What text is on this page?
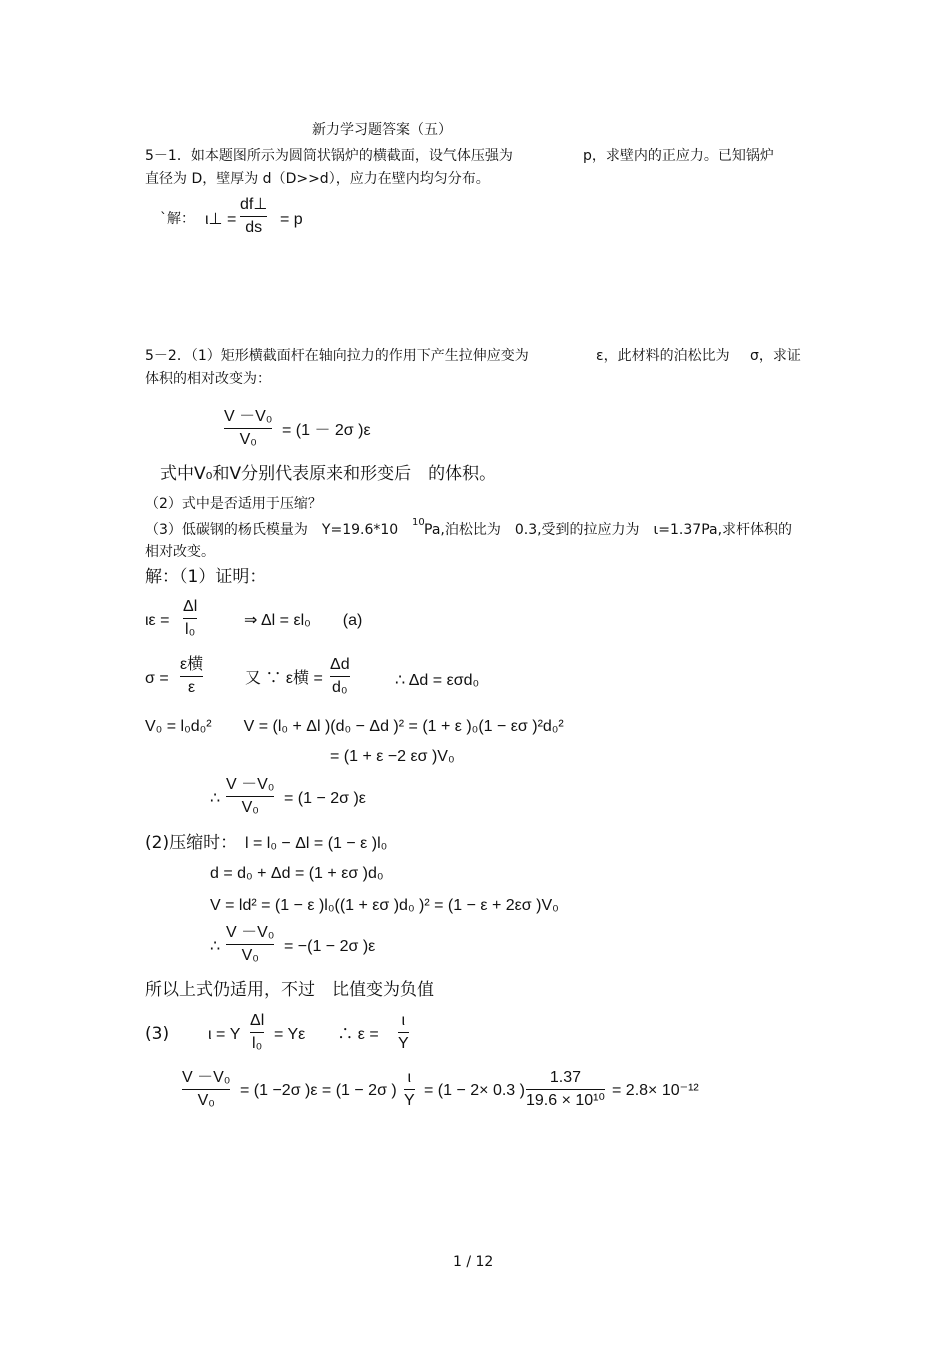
新力学习题答案（五）
5－1．如本题图所示为圆筒状锅炉的横截面，设气体压强为	p，求壁内的正应力。已知锅炉
直径为 D，壁厚为 d（D>>d），应力在壁内均匀分布。
`解： ι⊥ =
df⊥
ds	= p
5－2．（1）矩形横截面杆在轴向拉力的作用下产生拉伸应变为	ε，此材料的泊松比为 σ，求证
体积的相对改变为：
V －V₀
V₀
= (1 － 2σ )ε
式中V₀和V分别代表原来和形变后　的体积。
（2）式中是否适用于压缩？
（3）低碳钢的杨氏模量为　Y=19.6*10 10 Pa,泊松比为　0.3,受到的拉应力为　ι=1.37Pa,求杆体积的
相对改变。
解：（1）证明：
ιε =
Δl
l₀
⇒ Δl = εl₀　　(a)
σ =
ε横
ε
又 ∵ ε横 =
Δd
d₀	∴ Δd = εσd₀
V₀ = l₀d₀²　　V = (l₀ + Δl )(d₀ − Δd )² = (1 + ε )₀(1 − εσ )²d₀²
= (1 + ε −2 εσ )V₀
∴
V －V₀
V₀
= (1 − 2σ )ε
(2)压缩时： l = l₀ − Δl = (1 − ε )l₀
d = d₀ + Δd = (1 + εσ )d₀
V = ld² = (1 − ε )l₀((1 + εσ )d₀ )² = (1 − ε + 2εσ )V₀
∴
V －V₀
V₀
= −(1 − 2σ )ε
所以上式仍适用，不过　比值变为负值
(3) ι = Y
Δl
l₀
= Yε　　∴ ε =
ι
Y
V －V₀
V₀
= (1 −2σ )ε = (1 − 2σ )
ι
Y
= (1 − 2× 0.3 )
1.37
19.6 × 10¹⁰
= 2.8× 10⁻¹²
1 / 12
